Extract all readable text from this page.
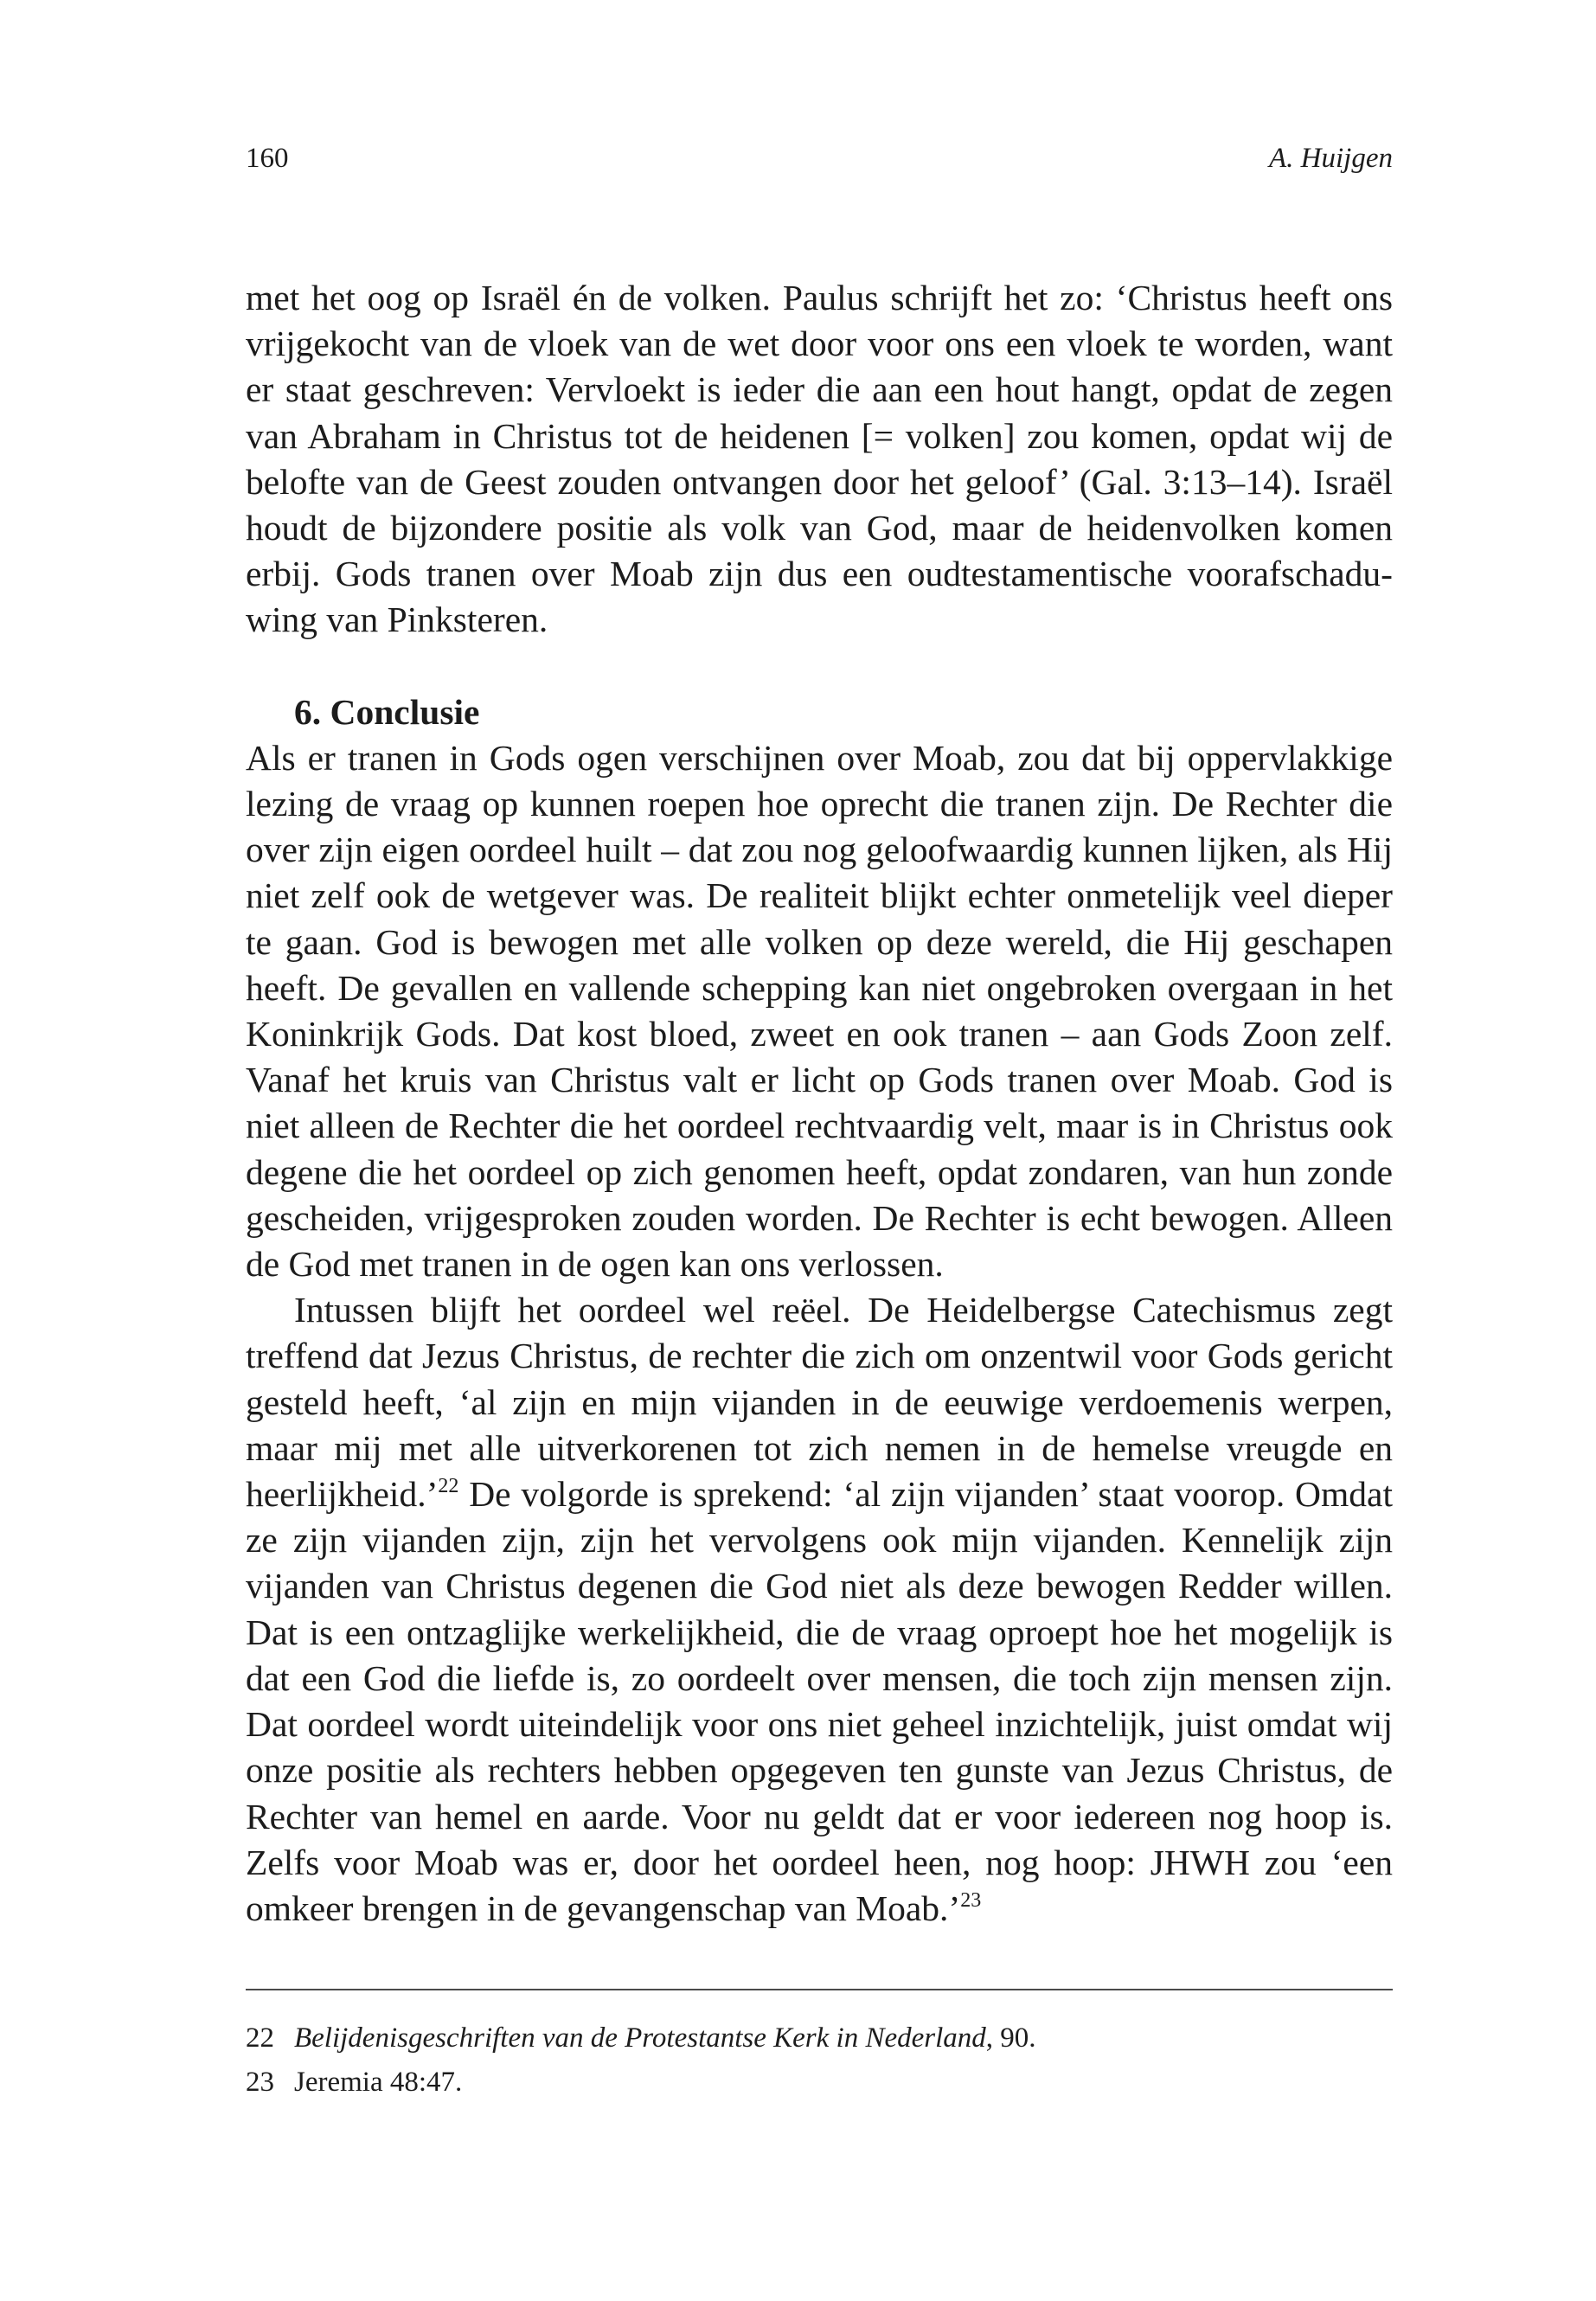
160	A. Huijgen

met het oog op Israël én de volken. Paulus schrijft het zo: ‘Christus heeft ons vrijgekocht van de vloek van de wet door voor ons een vloek te worden, want er staat geschreven: Vervloekt is ieder die aan een hout hangt, opdat de zegen van Abraham in Christus tot de heidenen [= volken] zou komen, opdat wij de belofte van de Geest zouden ontvangen door het geloof’ (Gal. 3:13–14). Israël houdt de bijzondere positie als volk van God, maar de heidenvolken komen erbij. Gods tranen over Moab zijn dus een oudtestamentische voorafschaduwing van Pinksteren.

6. Conclusie

Als er tranen in Gods ogen verschijnen over Moab, zou dat bij oppervlakkige lezing de vraag op kunnen roepen hoe oprecht die tranen zijn. De Rechter die over zijn eigen oordeel huilt – dat zou nog geloofwaardig kunnen lijken, als Hij niet zelf ook de wetgever was. De realiteit blijkt echter onmetelijk veel dieper te gaan. God is bewogen met alle volken op deze wereld, die Hij geschapen heeft. De gevallen en vallende schepping kan niet ongebroken overgaan in het Koninkrijk Gods. Dat kost bloed, zweet en ook tranen – aan Gods Zoon zelf. Vanaf het kruis van Christus valt er licht op Gods tranen over Moab. God is niet alleen de Rechter die het oordeel rechtvaardig velt, maar is in Christus ook degene die het oordeel op zich genomen heeft, opdat zondaren, van hun zonde gescheiden, vrijgesproken zouden worden. De Rechter is echt bewogen. Alleen de God met tranen in de ogen kan ons verlossen.

Intussen blijft het oordeel wel reëel. De Heidelbergse Catechismus zegt treffend dat Jezus Christus, de rechter die zich om onzentwil voor Gods gericht gesteld heeft, ‘al zijn en mijn vijanden in de eeuwige verdoemenis werpen, maar mij met alle uitverkorenen tot zich nemen in de hemelse vreugde en heerlijkheid.’$^{22}$ De volgorde is sprekend: ‘al zijn vijanden’ staat voorop. Omdat ze zijn vijanden zijn, zijn het vervolgens ook mijn vijanden. Kennelijk zijn vijanden van Christus degenen die God niet als deze bewogen Redder willen. Dat is een ontzaglijke werkelijkheid, die de vraag oproept hoe het mogelijk is dat een God die liefde is, zo oordeelt over mensen, die toch zijn mensen zijn. Dat oordeel wordt uiteindelijk voor ons niet geheel inzichtelijk, juist omdat wij onze positie als rechters hebben opgegeven ten gunste van Jezus Christus, de Rechter van hemel en aarde. Voor nu geldt dat er voor iedereen nog hoop is. Zelfs voor Moab was er, door het oordeel heen, nog hoop: JHWH zou ‘een omkeer brengen in de gevangenschap van Moab.’$^{23}$

22 Belijdenisgeschriften van de Protestantse Kerk in Nederland, 90.

23 Jeremia 48:47.
